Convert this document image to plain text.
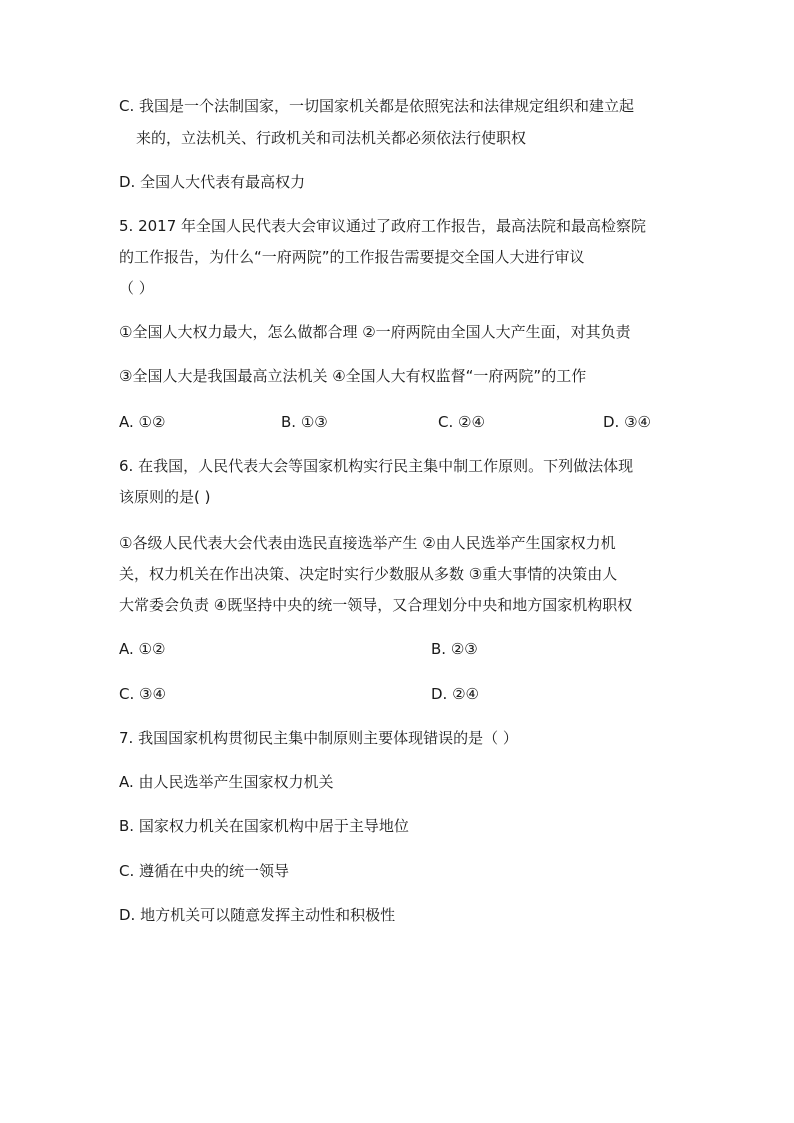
C. 我国是一个法制国家，一切国家机关都是依照宪法和法律规定组织和建立起
来的，立法机关、行政机关和司法机关都必须依法行使职权
D. 全国人大代表有最高权力
5. 2017 年全国人民代表大会审议通过了政府工作报告，最高法院和最高检察院
的工作报告，为什么“一府两院”的工作报告需要提交全国人大进行审议
（ ）
①全国人大权力最大，怎么做都合理 ②一府两院由全国人大产生面，对其负责
③全国人大是我国最高立法机关 ④全国人大有权监督“一府两院”的工作
A. ①②	B. ①③	C. ②④	D. ③④
6. 在我国，人民代表大会等国家机构实行民主集中制工作原则。下列做法体现
该原则的是( )
①各级人民代表大会代表由选民直接选举产生 ②由人民选举产生国家权力机
关，权力机关在作出决策、决定时实行少数服从多数 ③重大事情的决策由人
大常委会负责 ④既坚持中央的统一领导，又合理划分中央和地方国家机构职权
A. ①②	B. ②③
C. ③④	D. ②④
7. 我国国家机构贯彻民主集中制原则主要体现错误的是（ ）
A. 由人民选举产生国家权力机关
B. 国家权力机关在国家机构中居于主导地位
C. 遵循在中央的统一领导
D. 地方机关可以随意发挥主动性和积极性
